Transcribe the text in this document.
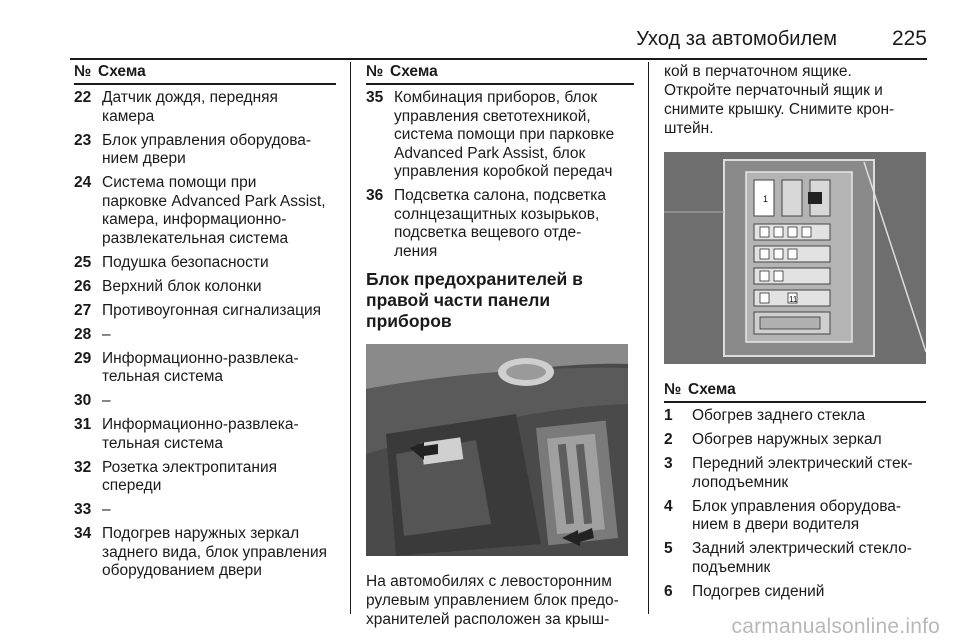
Уход за автомобилем	225
№ Схема
22 Датчик дождя, передняя
камера
23 Блок управления оборудова-
нием двери
24 Система помощи при
парковке Advanced Park Assist,
камера, информационно-
развлекательная система
25 Подушка безопасности
26 Верхний блок колонки
27 Противоугонная сигнализация
28 –
29 Информационно-развлека-
тельная система
30 –
31 Информационно-развлека-
тельная система
32 Розетка электропитания
спереди
33 –
34 Подогрев наружных зеркал
заднего вида, блок управления
оборудованием двери
№ Схема
35 Комбинация приборов, блок
управления светотехникой,
система помощи при парковке
Advanced Park Assist, блок
управления коробкой передач
36 Подсветка салона, подсветка
солнцезащитных козырьков,
подсветка вещевого отде-
ления
Блок предохранителей в
правой части панели приборов
На автомобилях с левосторонним
рулевым управлением блок предо-
хранителей расположен за крыш-
кой в перчаточном ящике.
Откройте перчаточный ящик и
снимите крышку. Снимите крон-
штейн.
1
11
№ Схема
1	Обогрев заднего стекла
2	Обогрев наружных зеркал
3	Передний электрический стек-
лоподъемник
4	Блок управления оборудова-
нием в двери водителя
5	Задний электрический стекло-
подъемник
6	Подогрев сидений
carmanualsonline.info
